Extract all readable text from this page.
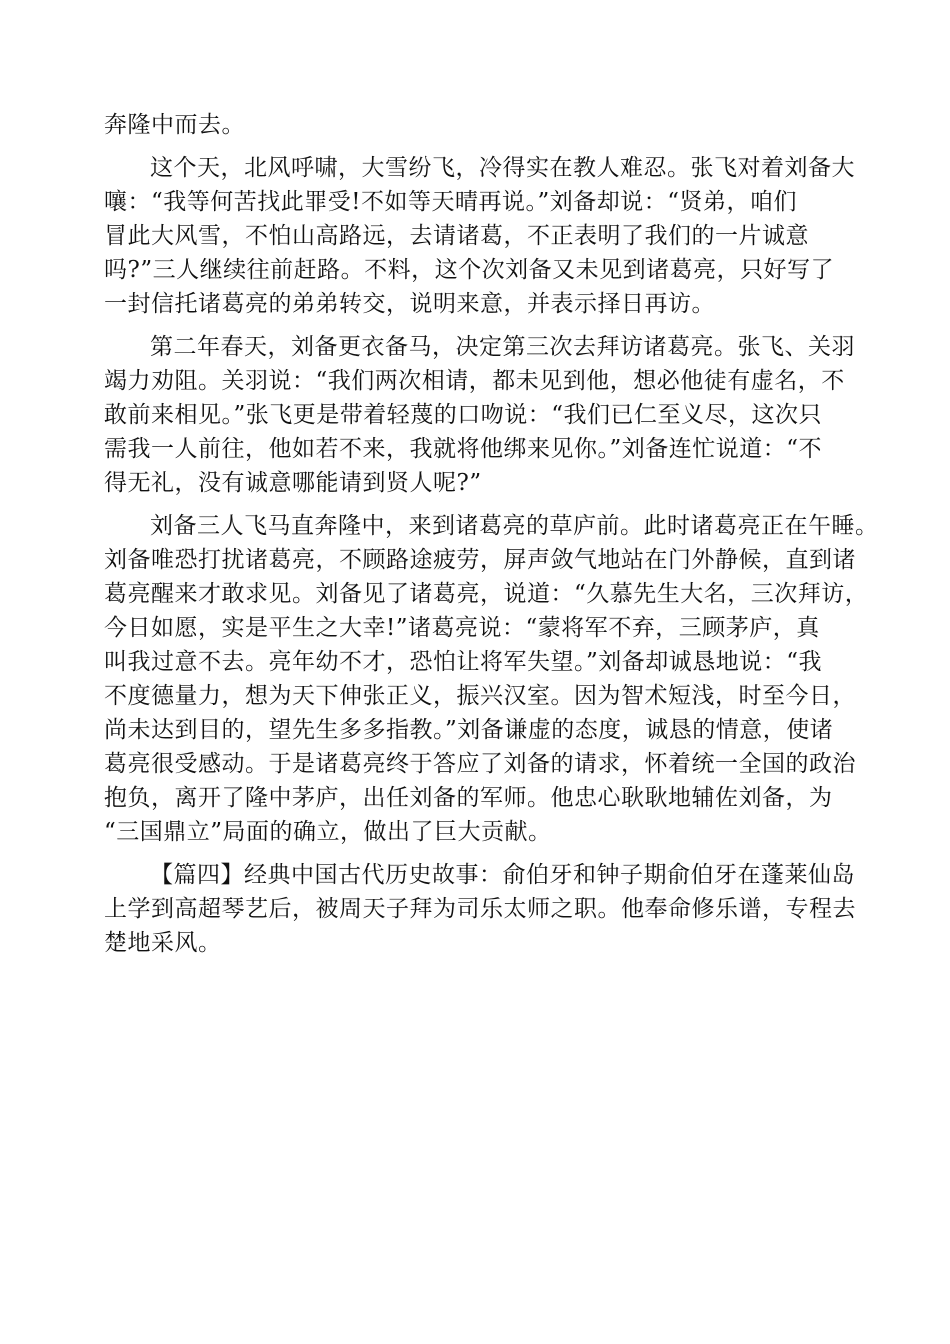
奔隆中而去。
这个天，北风呼啸，大雪纷飞，冷得实在教人难忍。张飞对着刘备大
嚷：“我等何苦找此罪受!不如等天晴再说。”刘备却说：“贤弟，咱们
冒此大风雪，不怕山高路远，去请诸葛，不正表明了我们的一片诚意
吗?”三人继续往前赶路。不料，这个次刘备又未见到诸葛亮，只好写了
一封信托诸葛亮的弟弟转交，说明来意，并表示择日再访。
第二年春天，刘备更衣备马，决定第三次去拜访诸葛亮。张飞、关羽
竭力劝阻。关羽说：“我们两次相请，都未见到他，想必他徒有虚名，不
敢前来相见。”张飞更是带着轻蔑的口吻说：“我们已仁至义尽，这次只
需我一人前往，他如若不来，我就将他绑来见你。”刘备连忙说道：“不
得无礼，没有诚意哪能请到贤人呢?”
刘备三人飞马直奔隆中，来到诸葛亮的草庐前。此时诸葛亮正在午睡。
刘备唯恐打扰诸葛亮，不顾路途疲劳，屏声敛气地站在门外静候，直到诸
葛亮醒来才敢求见。刘备见了诸葛亮，说道：“久慕先生大名，三次拜访，
今日如愿，实是平生之大幸!”诸葛亮说：“蒙将军不弃，三顾茅庐，真
叫我过意不去。亮年幼不才，恐怕让将军失望。”刘备却诚恳地说：“我
不度德量力，想为天下伸张正义，振兴汉室。因为智术短浅，时至今日，
尚未达到目的，望先生多多指教。”刘备谦虚的态度，诚恳的情意，使诸
葛亮很受感动。于是诸葛亮终于答应了刘备的请求，怀着统一全国的政治
抱负，离开了隆中茅庐，出任刘备的军师。他忠心耿耿地辅佐刘备，为
“三国鼎立”局面的确立，做出了巨大贡献。
【篇四】经典中国古代历史故事：俞伯牙和钟子期俞伯牙在蓬莱仙岛
上学到高超琴艺后，被周天子拜为司乐太师之职。他奉命修乐谱，专程去
楚地采风。
